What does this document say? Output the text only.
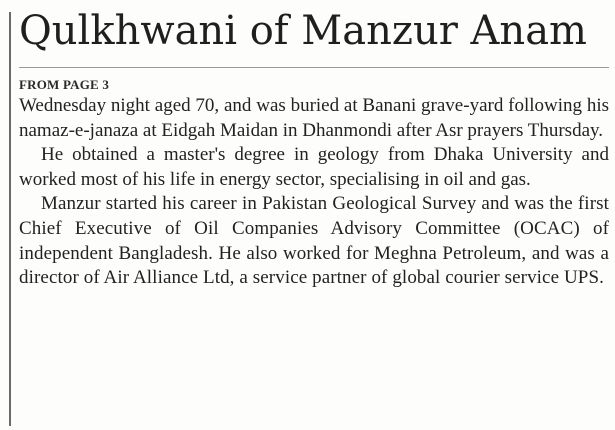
Qulkhwani of Manzur Anam
FROM PAGE 3

Wednesday night aged 70, and was buried at Banani grave-yard following his namaz-e-janaza at Eidgah Maidan in Dhanmondi after Asr prayers Thursday.

He obtained a master's degree in geology from Dhaka University and worked most of his life in energy sector, specialising in oil and gas.

Manzur started his career in Pakistan Geological Survey and was the first Chief Executive of Oil Companies Advisory Committee (OCAC) of independent Bangladesh. He also worked for Meghna Petroleum, and was a director of Air Alliance Ltd, a service partner of global courier service UPS.
